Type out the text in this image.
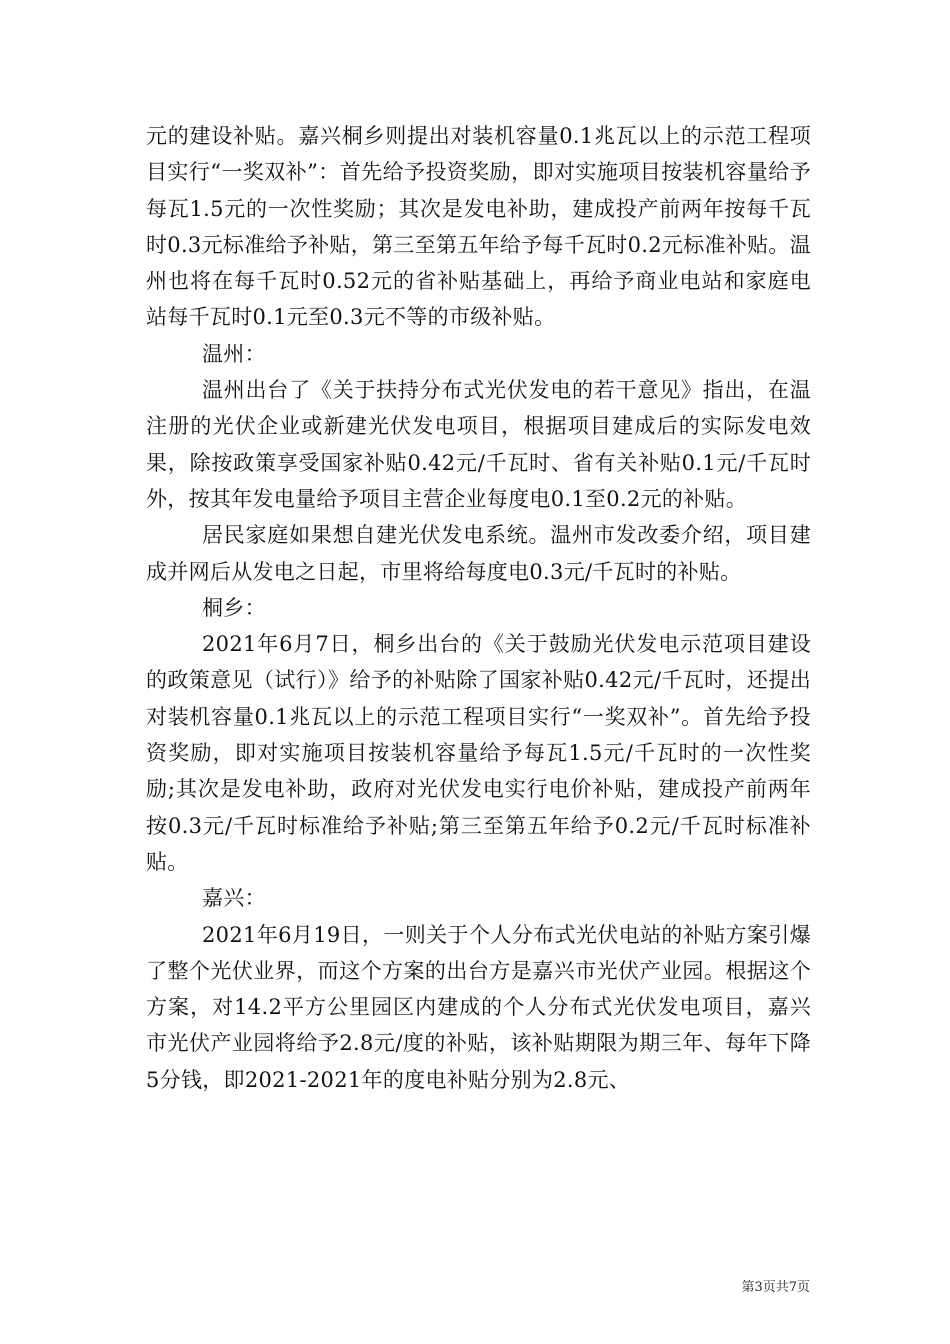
元的建设补贴。嘉兴桐乡则提出对装机容量0.1兆瓦以上的示范工程项目实行“一奖双补”：首先给予投资奖励，即对实施项目按装机容量给予每瓦1.5元的一次性奖励；其次是发电补助，建成投产前两年按每千瓦时0.3元标准给予补贴，第三至第五年给予每千瓦时0.2元标准补贴。温州也将在每千瓦时0.52元的省补贴基础上，再给予商业电站和家庭电站每千瓦时0.1元至0.3元不等的市级补贴。

温州：

温州出台了《关于扶持分布式光伏发电的若干意见》指出，在温注册的光伏企业或新建光伏发电项目，根据项目建成后的实际发电效果，除按政策享受国家补贴0.42元/千瓦时、省有关补贴0.1元/千瓦时外，按其年发电量给予项目主营企业每度电0.1至0.2元的补贴。

居民家庭如果想自建光伏发电系统。温州市发改委介绍，项目建成并网后从发电之日起，市里将给每度电0.3元/千瓦时的补贴。

桐乡：

2021年6月7日，桐乡出台的《关于鼓励光伏发电示范项目建设的政策意见（试行）》给予的补贴除了国家补贴0.42元/千瓦时，还提出对装机容量0.1兆瓦以上的示范工程项目实行“一奖双补”。首先给予投资奖励，即对实施项目按装机容量给予每瓦1.5元/千瓦时的一次性奖励;其次是发电补助，政府对光伏发电实行电价补贴，建成投产前两年按0.3元/千瓦时标准给予补贴;第三至第五年给予0.2元/千瓦时标准补贴。

嘉兴：

2021年6月19日，一则关于个人分布式光伏电站的补贴方案引爆了整个光伏业界，而这个方案的出台方是嘉兴市光伏产业园。根据这个方案，对14.2平方公里园区内建成的个人分布式光伏发电项目，嘉兴市光伏产业园将给予2.8元/度的补贴，该补贴期限为期三年、每年下降5分钱，即2021-2021年的度电补贴分别为2.8元、

第3页共7页
